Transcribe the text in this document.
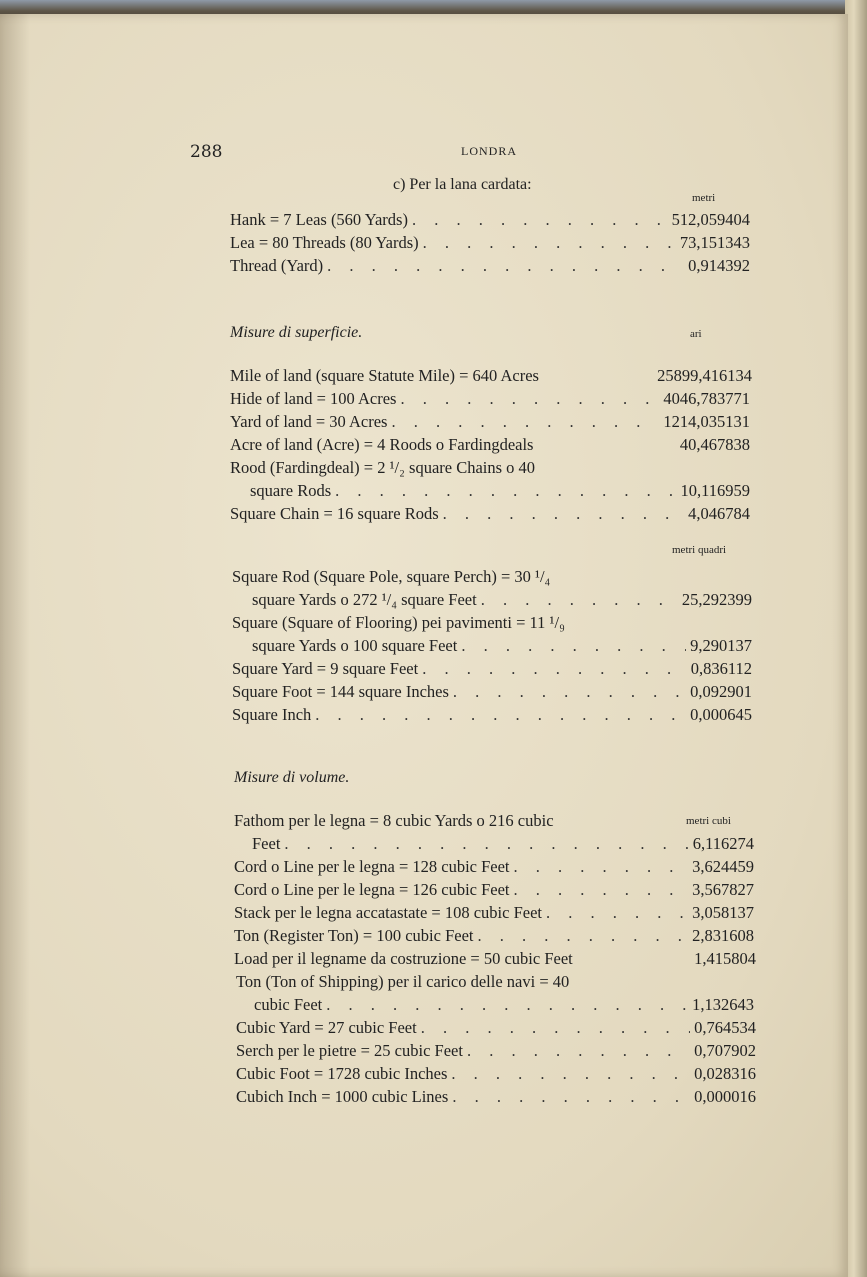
288	LONDRA
c) Per la lana cardata:
metri
Hank = 7 Leas (560 Yards) . . .	512,059404
Lea = 80 Threads (80 Yards) . . .	73,151343
Thread (Yard) . . .	0,914392
Misure di superficie.	ari
Mile of land (square Statute Mile) = 640 Acres	25899,416134
Hide of land = 100 Acres . . .	4046,783771
Yard of land = 30 Acres . . .	1214,035131
Acre of land (Acre) = 4 Roods o Fardingdeals	40,467838
Rood (Fardingdeal) = 2 ¹/₂ square Chains o 40
square Rods . . .	10,116959
Square Chain = 16 square Rods . . .	4,046784
metri quadri
Square Rod (Square Pole, square Perch) = 30 ¹/₄
square Yards o 272 ¹/₄ square Feet . . .	25,292399
Square (Square of Flooring) pei pavimenti = 11 ¹/₉
square Yards o 100 square Feet . . .	9,290137
Square Yard = 9 square Feet . . .	0,836112
Square Foot = 144 square Inches . . .	0,092901
Square Inch . . .	0,000645
Misure di volume.
Fathom per le legna = 8 cubic Yards o 216 cubic	metri cubi
Feet . . .	6,116274
Cord o Line per le legna = 128 cubic Feet . . .	3,624459
Cord o Line per le legna = 126 cubic Feet . . .	3,567827
Stack per le legna accatastate = 108 cubic Feet . . .	3,058137
Ton (Register Ton) = 100 cubic Feet . . .	2,831608
Load per il legname da costruzione = 50 cubic Feet	1,415804
Ton (Ton of Shipping) per il carico delle navi = 40
cubic Feet . . .	1,132643
Cubic Yard = 27 cubic Feet . . .	0,764534
Serch per le pietre = 25 cubic Feet . . .	0,707902
Cubic Foot = 1728 cubic Inches . . .	0,028316
Cubich Inch = 1000 cubic Lines . . .	0,000016
